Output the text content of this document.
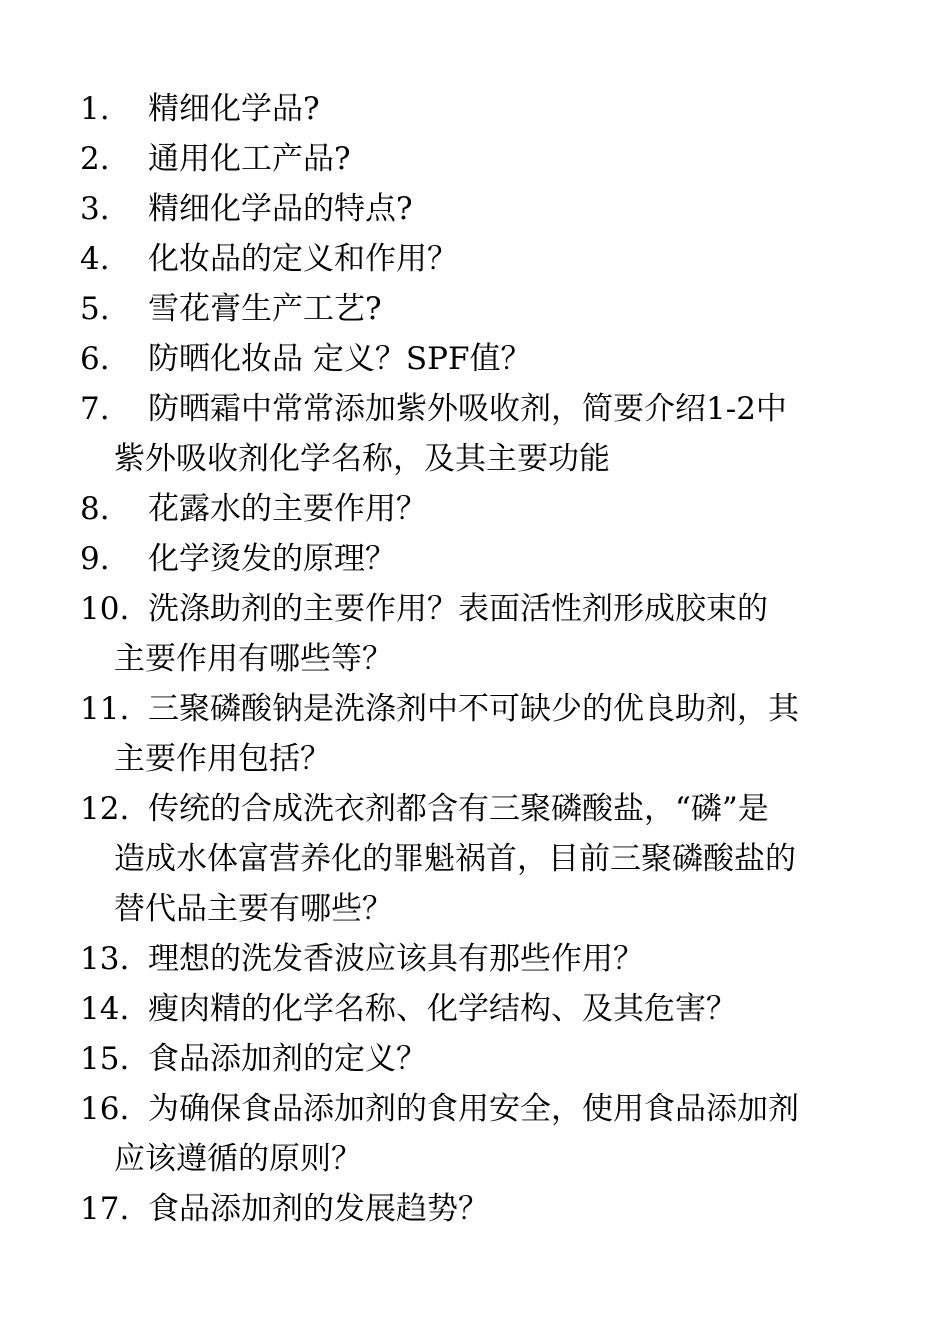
1.	精细化学品?
2.	通用化工产品?
3.	精细化学品的特点?
4.	化妆品的定义和作用？
5.	雪花膏生产工艺?
6.	防晒化妆品 定义？SPF值？
7.	防晒霜中常常添加紫外吸收剂，简要介绍1-2中
紫外吸收剂化学名称，及其主要功能
8.	花露水的主要作用？
9.	化学烫发的原理？
10. 洗涤助剂的主要作用？表面活性剂形成胶束的
主要作用有哪些等？
11. 三聚磷酸钠是洗涤剂中不可缺少的优良助剂，其
主要作用包括？
12. 传统的合成洗衣剂都含有三聚磷酸盐，“磷”是
造成水体富营养化的罪魁祸首，目前三聚磷酸盐的
替代品主要有哪些？
13. 理想的洗发香波应该具有那些作用？
14. 瘦肉精的化学名称、化学结构、及其危害？
15. 食品添加剂的定义？
16. 为确保食品添加剂的食用安全，使用食品添加剂
应该遵循的原则？
17. 食品添加剂的发展趋势？
